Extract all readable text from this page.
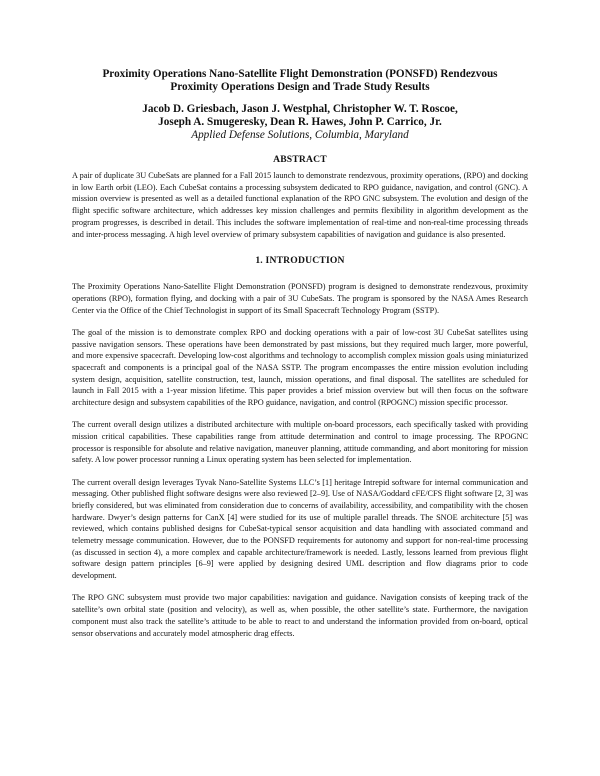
Proximity Operations Nano-Satellite Flight Demonstration (PONSFD) Rendezvous
Proximity Operations Design and Trade Study Results
Jacob D. Griesbach, Jason J. Westphal, Christopher W. T. Roscoe,
Joseph A. Smugeresky, Dean R. Hawes, John P. Carrico, Jr.
Applied Defense Solutions, Columbia, Maryland
ABSTRACT

A pair of duplicate 3U CubeSats are planned for a Fall 2015 launch to demonstrate rendezvous, proximity operations, (RPO) and docking in low Earth orbit (LEO). Each CubeSat contains a processing subsystem dedicated to RPO guidance, navigation, and control (GNC). A mission overview is presented as well as a detailed functional explanation of the RPO GNC subsystem. The evolution and design of the flight specific software architecture, which addresses key mission challenges and permits flexibility in algorithm development as the program progresses, is described in detail. This includes the software implementation of real-time and non-real-time processing threads and inter-process messaging. A high level overview of primary subsystem capabilities of navigation and guidance is also presented.

1. INTRODUCTION

The Proximity Operations Nano-Satellite Flight Demonstration (PONSFD) program is designed to demonstrate rendezvous, proximity operations (RPO), formation flying, and docking with a pair of 3U CubeSats. The program is sponsored by the NASA Ames Research Center via the Office of the Chief Technologist in support of its Small Spacecraft Technology Program (SSTP).

The goal of the mission is to demonstrate complex RPO and docking operations with a pair of low-cost 3U CubeSat satellites using passive navigation sensors. These operations have been demonstrated by past missions, but they required much larger, more powerful, and more expensive spacecraft. Developing low-cost algorithms and technology to accomplish complex mission goals using miniaturized spacecraft and components is a principal goal of the NASA SSTP. The program encompasses the entire mission evolution including system design, acquisition, satellite construction, test, launch, mission operations, and final disposal. The satellites are scheduled for launch in Fall 2015 with a 1-year mission lifetime. This paper provides a brief mission overview but will then focus on the software architecture design and subsystem capabilities of the RPO guidance, navigation, and control (RPOGNC) mission specific processor.

The current overall design utilizes a distributed architecture with multiple on-board processors, each specifically tasked with providing mission critical capabilities. These capabilities range from attitude determination and control to image processing. The RPOGNC processor is responsible for absolute and relative navigation, maneuver planning, attitude commanding, and abort monitoring for mission safety. A low power processor running a Linux operating system has been selected for implementation.

The current overall design leverages Tyvak Nano-Satellite Systems LLC’s [1] heritage Intrepid software for internal communication and messaging. Other published flight software designs were also reviewed [2–9]. Use of NASA/Goddard cFE/CFS flight software [2, 3] was briefly considered, but was eliminated from consideration due to concerns of availability, accessibility, and compatibility with the chosen hardware. Dwyer’s design patterns for CanX [4] were studied for its use of multiple parallel threads. The SNOE architecture [5] was reviewed, which contains published designs for CubeSat-typical sensor acquisition and data handling with associated command and telemetry message communication. However, due to the PONSFD requirements for autonomy and support for non-real-time processing (as discussed in section 4), a more complex and capable architecture/framework is needed. Lastly, lessons learned from previous flight software design pattern principles [6–9] were applied by designing desired UML description and flow diagrams prior to code development.

The RPO GNC subsystem must provide two major capabilities: navigation and guidance. Navigation consists of keeping track of the satellite’s own orbital state (position and velocity), as well as, when possible, the other satellite’s state. Furthermore, the navigation component must also track the satellite’s attitude to be able to react to and understand the information provided from on-board, optical sensor observations and accurately model atmospheric drag effects.
